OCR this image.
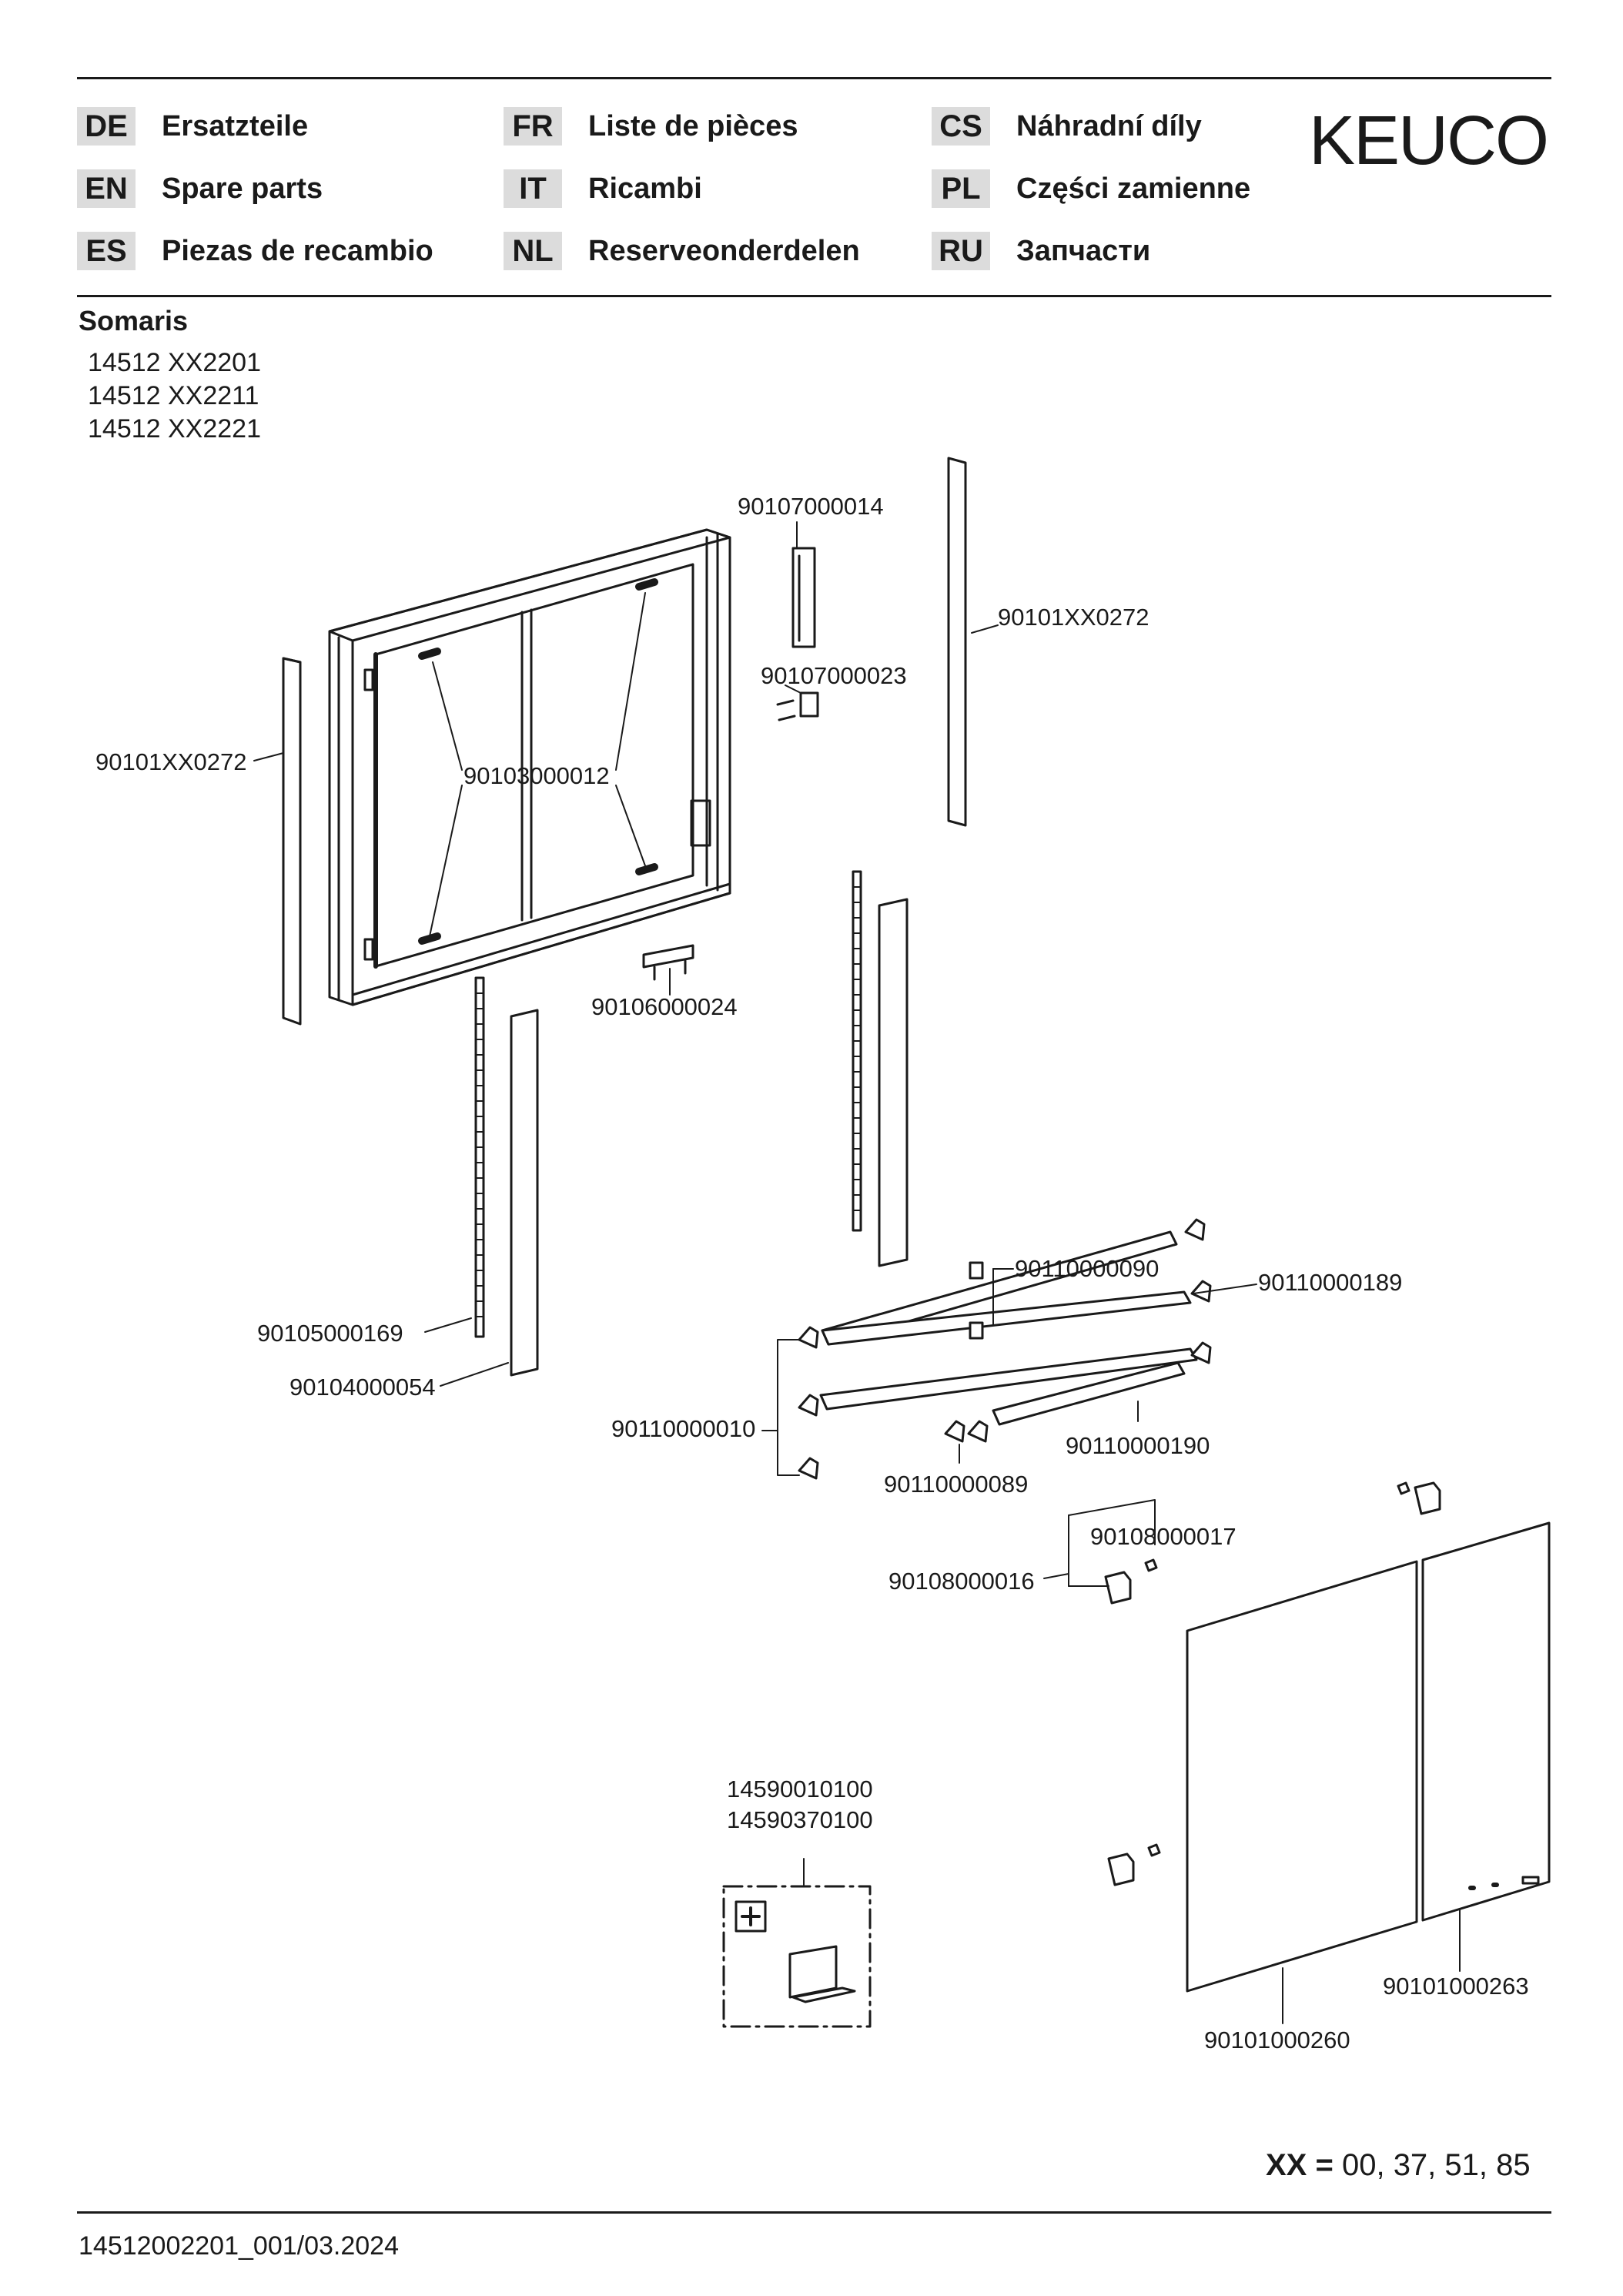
DE Ersatzteile
EN Spare parts
ES Piezas de recambio
FR Liste de pièces
IT	Ricambi
NL Reserveonderdelen
CS Náhradní díly
PL	Części zamienne
RU Запчасти
KEUCO
Somaris
14512 XX2201
14512 XX2211
14512 XX2221
90107000014
90101XX0272
90107000023
90101XX0272
90103000012
90106000024
90110000090
90110000189
90105000169
90104000054
90110000010
90110000190
90110000089
90108000017
90108000016
14590010100
14590370100
90101000263
90101000260
XX = 00, 37, 51, 85
14512002201_001/03.2024
